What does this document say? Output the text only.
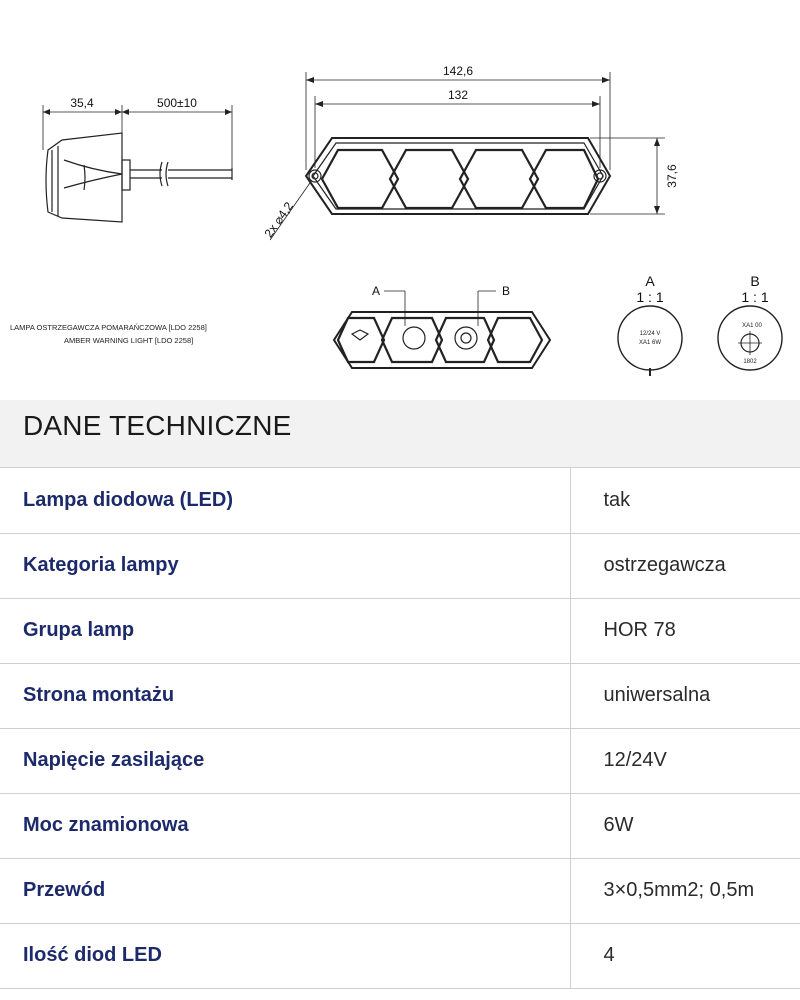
35,4	500±10
142,6
132
37,6
2x ⌀4,2
LAMPA OSTRZEGAWCZA POMARAŃCZOWA [LDO 2258]
AMBER WARNING LIGHT [LDO 2258]
A	B
A
1 : 1
12/24 V
XA1 6W
B
1 : 1
XA1 00
1802
DANE TECHNICZNE
Lampa diodowa (LED)	tak
Kategoria lampy	ostrzegawcza
Grupa lamp	HOR 78
Strona montażu	uniwersalna
Napięcie zasilające	12/24V
Moc znamionowa	6W
Przewód	3×0,5mm2; 0,5m
Ilość diod LED	4
